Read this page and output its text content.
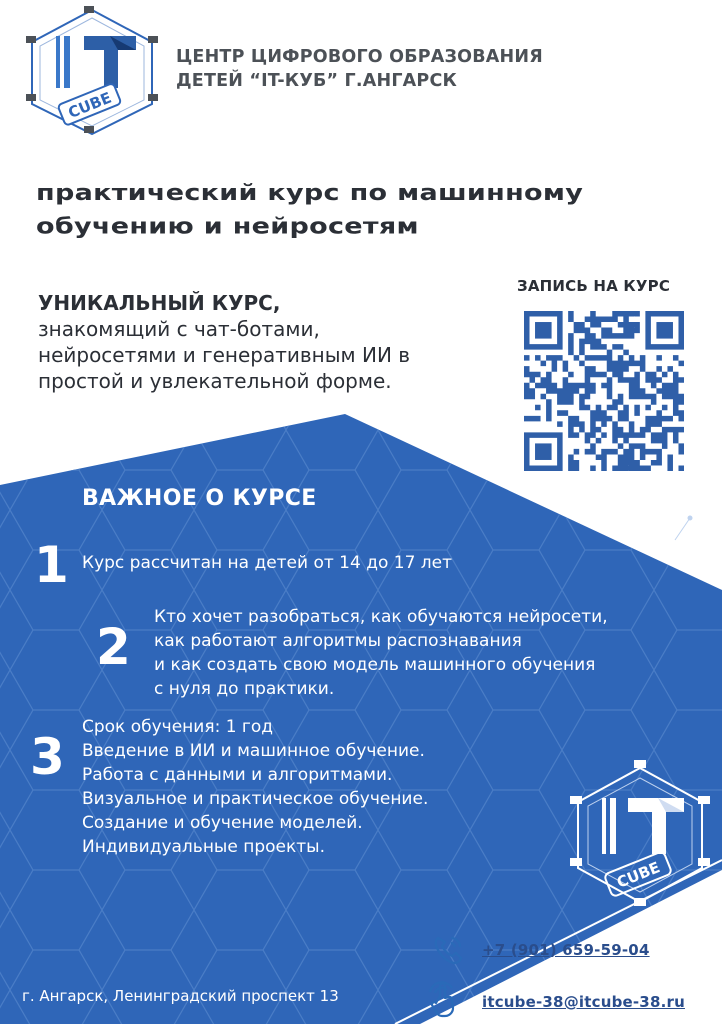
CUBE
ЦЕНТР ЦИФРОВОГО ОБРАЗОВАНИЯ
ДЕТЕЙ “IT-КУБ” Г.АНГАРСК
практический курс по машинному
обучению и нейросетям
УНИКАЛЬНЫЙ КУРС,
знакомящий с чат-ботами,
нейросетями и генеративным ИИ в
простой и увлекательной форме.
ЗАПИСЬ НА КУРС
ВАЖНОЕ О КУРСЕ
1 Курс рассчитан на детей от 14 до 17 лет
2
Кто хочет разобраться, как обучаются нейросети,
как работают алгоритмы распознавания
и как создать свою модель машинного обучения
с нуля до практики.
3
Срок обучения: 1 год
Введение в ИИ и машинное обучение.
Работа с данными и алгоритмами.
Визуальное и практическое обучение.
Создание и обучение моделей.
Индивидуальные проекты.
CUBE
+7 (901) 659-59-04
itcube-38@itcube-38.ru
г. Ангарск, Ленинградский проспект 13
